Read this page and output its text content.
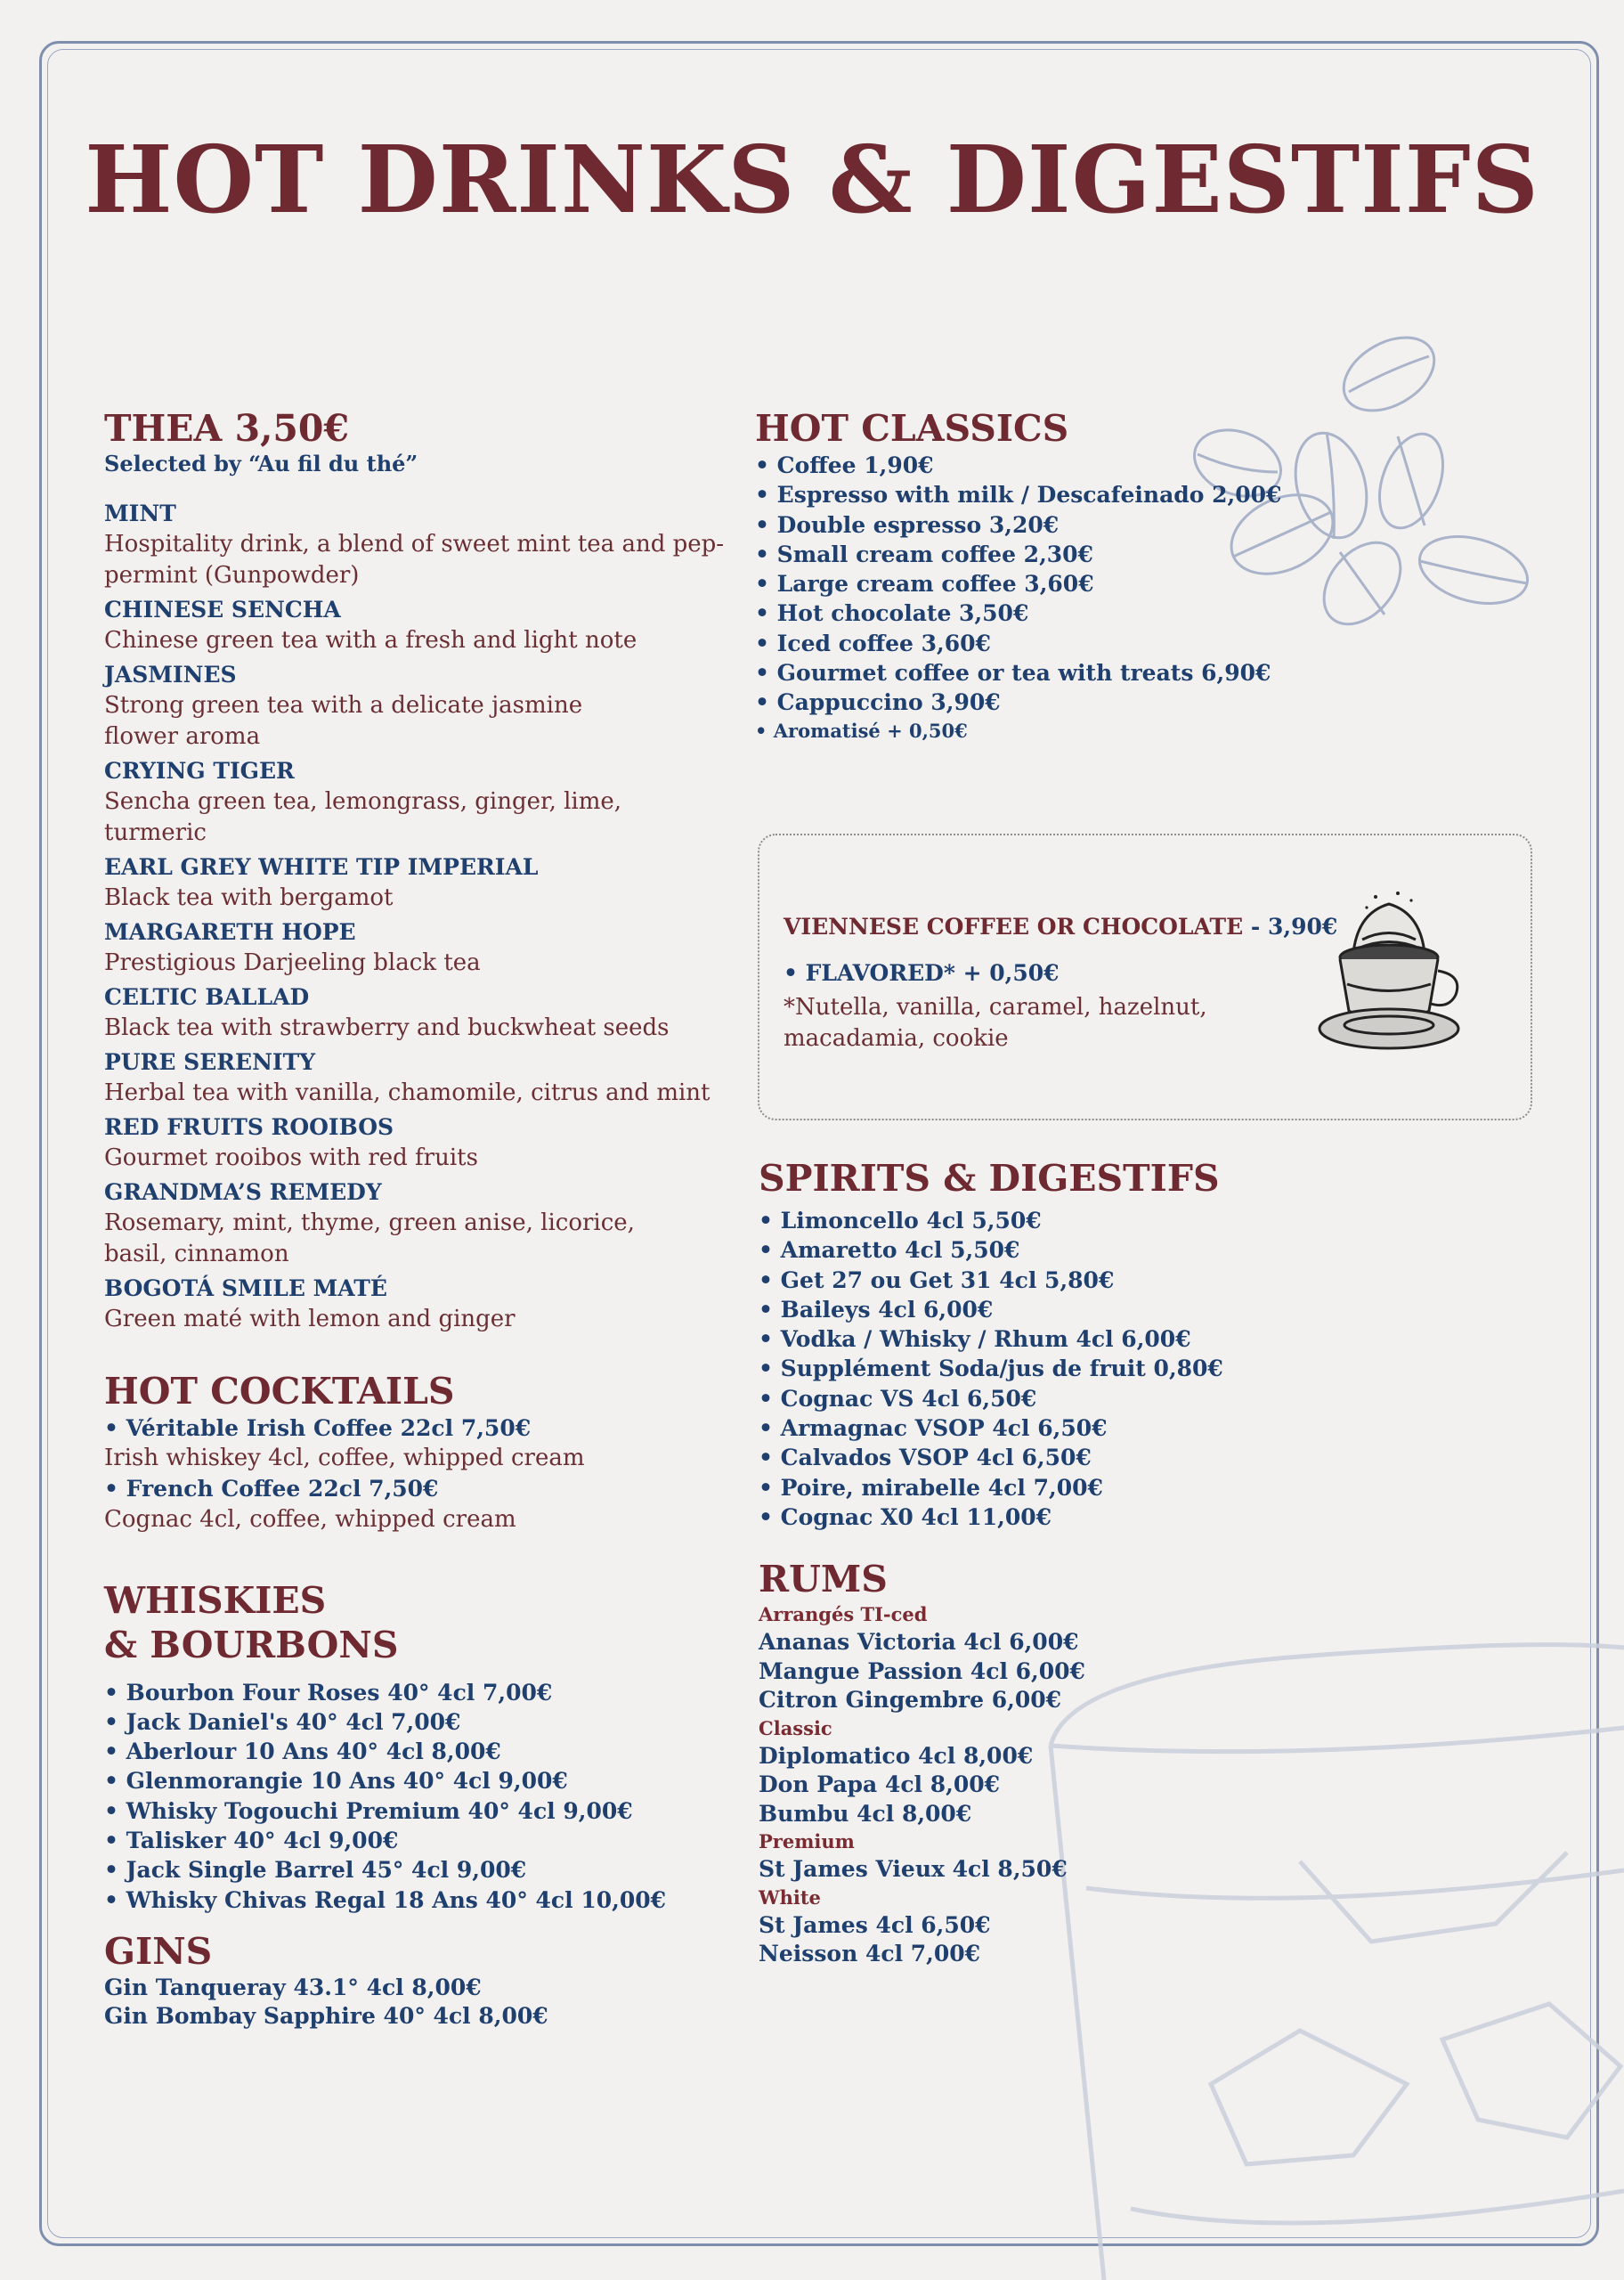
HOT DRINKS & DIGESTIFS
THEA 3,50€
Selected by “Au fil du thé”
MINT
Hospitality drink, a blend of sweet mint tea and pep-permint (Gunpowder)
CHINESE SENCHA
Chinese green tea with a fresh and light note
JASMINES
Strong green tea with a delicate jasmine flower aroma
CRYING TIGER
Sencha green tea, lemongrass, ginger, lime, turmeric
EARL GREY WHITE TIP IMPERIAL
Black tea with bergamot
MARGARETH HOPE
Prestigious Darjeeling black tea
CELTIC BALLAD
Black tea with strawberry and buckwheat seeds
PURE SERENITY
Herbal tea with vanilla, chamomile, citrus and mint
RED FRUITS ROOIBOS
Gourmet rooibos with red fruits
GRANDMA’S REMEDY
Rosemary, mint, thyme, green anise, licorice, basil, cinnamon
BOGOTÁ SMILE MATÉ
Green maté with lemon and ginger
HOT COCKTAILS
• Véritable Irish Coffee 22cl 7,50€
Irish whiskey 4cl, coffee, whipped cream
• French Coffee 22cl 7,50€
Cognac 4cl, coffee, whipped cream
WHISKIES
& BOURBONS
• Bourbon Four Roses 40° 4cl 7,00€
• Jack Daniel's 40° 4cl 7,00€
• Aberlour 10 Ans 40° 4cl 8,00€
• Glenmorangie 10 Ans 40° 4cl 9,00€
• Whisky Togouchi Premium 40° 4cl 9,00€
• Talisker 40° 4cl 9,00€
• Jack Single Barrel 45° 4cl 9,00€
• Whisky Chivas Regal 18 Ans 40° 4cl 10,00€
GINS
Gin Tanqueray 43.1° 4cl 8,00€
Gin Bombay Sapphire 40° 4cl 8,00€
HOT CLASSICS
• Coffee 1,90€
• Espresso with milk / Descafeinado 2,00€
• Double espresso 3,20€
• Small cream coffee 2,30€
• Large cream coffee 3,60€
• Hot chocolate 3,50€
• Iced coffee 3,60€
• Gourmet coffee or tea with treats 6,90€
• Cappuccino 3,90€
• Aromatisé + 0,50€
VIENNESE COFFEE OR CHOCOLATE - 3,90€
• FLAVORED* + 0,50€
*Nutella, vanilla, caramel, hazelnut, macadamia, cookie
SPIRITS & DIGESTIFS
• Limoncello 4cl 5,50€
• Amaretto 4cl 5,50€
• Get 27 ou Get 31 4cl 5,80€
• Baileys 4cl 6,00€
• Vodka / Whisky / Rhum 4cl 6,00€
• Supplément Soda/jus de fruit 0,80€
• Cognac VS 4cl 6,50€
• Armagnac VSOP 4cl 6,50€
• Calvados VSOP 4cl 6,50€
• Poire, mirabelle 4cl 7,00€
• Cognac X0 4cl 11,00€
RUMS
Arrangés TI-ced
Ananas Victoria 4cl 6,00€
Mangue Passion 4cl 6,00€
Citron Gingembre 6,00€
Classic
Diplomatico 4cl 8,00€
Don Papa 4cl 8,00€
Bumbu 4cl 8,00€
Premium
St James Vieux 4cl 8,50€
White
St James 4cl 6,50€
Neisson 4cl 7,00€
